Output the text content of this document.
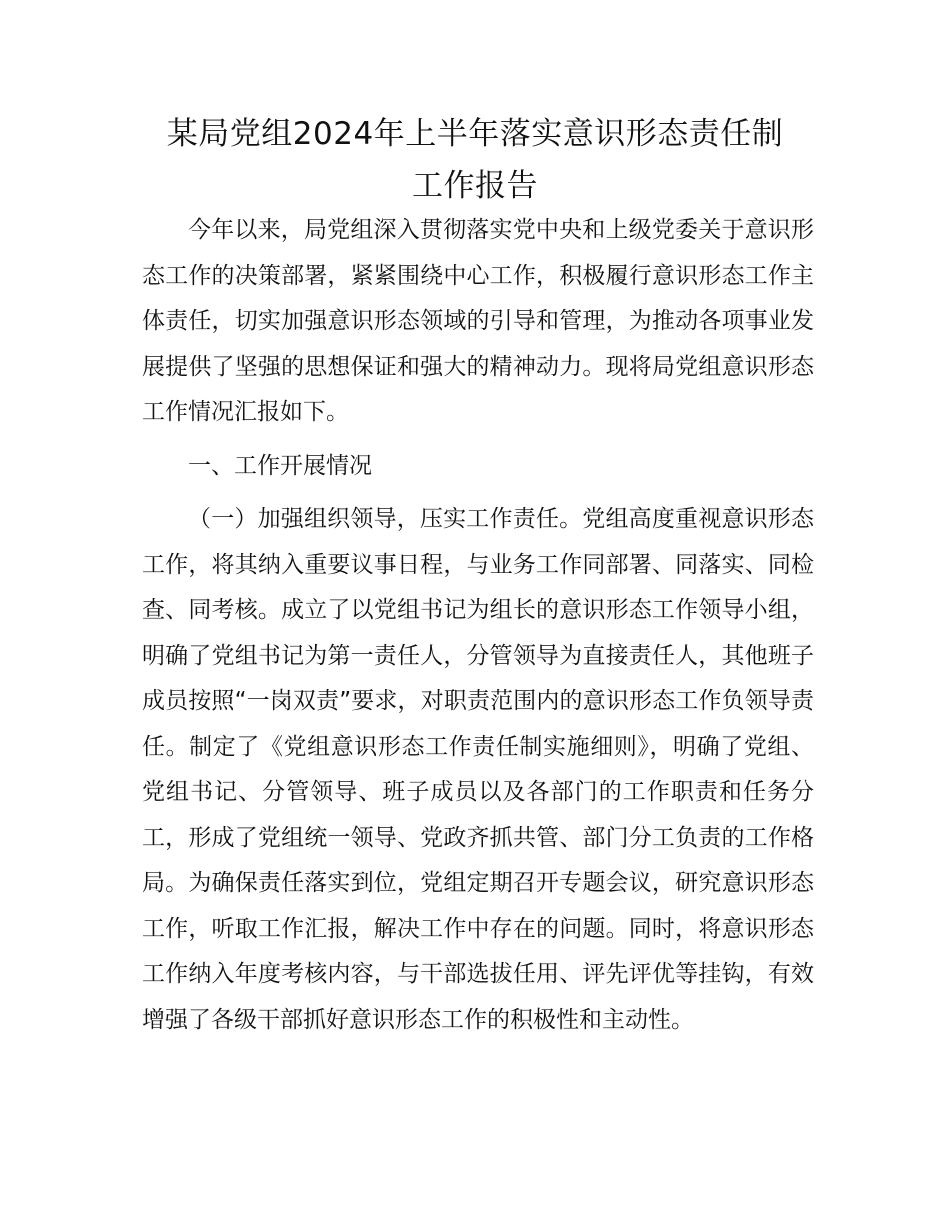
某局党组2024年上半年落实意识形态责任制
工作报告

今年以来，局党组深入贯彻落实党中央和上级党委关于意识形态工作的决策部署，紧紧围绕中心工作，积极履行意识形态工作主体责任，切实加强意识形态领域的引导和管理，为推动各项事业发展提供了坚强的思想保证和强大的精神动力。现将局党组意识形态工作情况汇报如下。

一、工作开展情况

（一）加强组织领导，压实工作责任。党组高度重视意识形态工作，将其纳入重要议事日程，与业务工作同部署、同落实、同检查、同考核。成立了以党组书记为组长的意识形态工作领导小组，明确了党组书记为第一责任人，分管领导为直接责任人，其他班子成员按照“一岗双责”要求，对职责范围内的意识形态工作负领导责任。制定了《党组意识形态工作责任制实施细则》，明确了党组、党组书记、分管领导、班子成员以及各部门的工作职责和任务分工，形成了党组统一领导、党政齐抓共管、部门分工负责的工作格局。为确保责任落实到位，党组定期召开专题会议，研究意识形态工作，听取工作汇报，解决工作中存在的问题。同时，将意识形态工作纳入年度考核内容，与干部选拔任用、评先评优等挂钩，有效增强了各级干部抓好意识形态工作的积极性和主动性。
